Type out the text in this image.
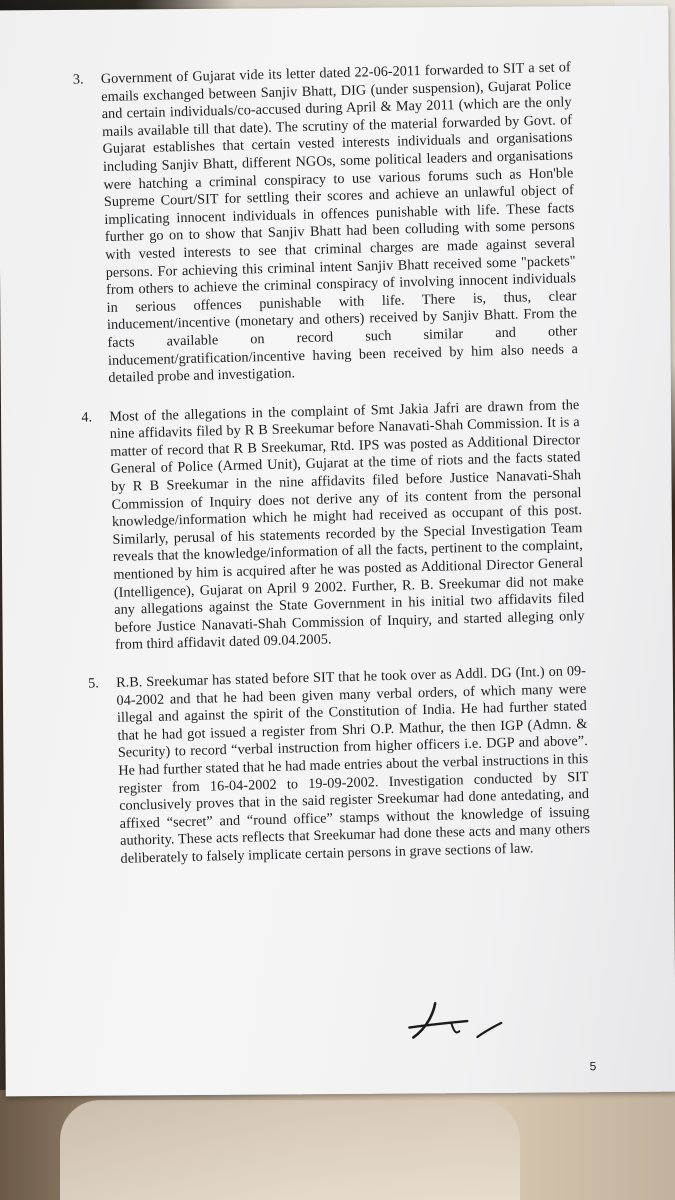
3. Government of Gujarat vide its letter dated 22-06-2011 forwarded to SIT a set of emails exchanged between Sanjiv Bhatt, DIG (under suspension), Gujarat Police and certain individuals/co-accused during April & May 2011 (which are the only mails available till that date). The scrutiny of the material forwarded by Govt. of Gujarat establishes that certain vested interests individuals and organisations including Sanjiv Bhatt, different NGOs, some political leaders and organisations were hatching a criminal conspiracy to use various forums such as Hon'ble Supreme Court/SIT for settling their scores and achieve an unlawful object of implicating innocent individuals in offences punishable with life. These facts further go on to show that Sanjiv Bhatt had been colluding with some persons with vested interests to see that criminal charges are made against several persons. For achieving this criminal intent Sanjiv Bhatt received some "packets" from others to achieve the criminal conspiracy of involving innocent individuals in serious offences punishable with life. There is, thus, clear inducement/incentive (monetary and others) received by Sanjiv Bhatt. From the facts available on record such similar and other inducement/gratification/incentive having been received by him also needs a detailed probe and investigation.
4. Most of the allegations in the complaint of Smt Jakia Jafri are drawn from the nine affidavits filed by R B Sreekumar before Nanavati-Shah Commission. It is a matter of record that R B Sreekumar, Rtd. IPS was posted as Additional Director General of Police (Armed Unit), Gujarat at the time of riots and the facts stated by R B Sreekumar in the nine affidavits filed before Justice Nanavati-Shah Commission of Inquiry does not derive any of its content from the personal knowledge/information which he might had received as occupant of this post. Similarly, perusal of his statements recorded by the Special Investigation Team reveals that the knowledge/information of all the facts, pertinent to the complaint, mentioned by him is acquired after he was posted as Additional Director General (Intelligence), Gujarat on April 9 2002. Further, R. B. Sreekumar did not make any allegations against the State Government in his initial two affidavits filed before Justice Nanavati-Shah Commission of Inquiry, and started alleging only from third affidavit dated 09.04.2005.
5. R.B. Sreekumar has stated before SIT that he took over as Addl. DG (Int.) on 09-04-2002 and that he had been given many verbal orders, of which many were illegal and against the spirit of the Constitution of India. He had further stated that he had got issued a register from Shri O.P. Mathur, the then IGP (Admn. & Security) to record “verbal instruction from higher officers i.e. DGP and above”. He had further stated that he had made entries about the verbal instructions in this register from 16-04-2002 to 19-09-2002. Investigation conducted by SIT conclusively proves that in the said register Sreekumar had done antedating, and affixed “secret” and “round office” stamps without the knowledge of issuing authority. These acts reflects that Sreekumar had done these acts and many others deliberately to falsely implicate certain persons in grave sections of law.
5
